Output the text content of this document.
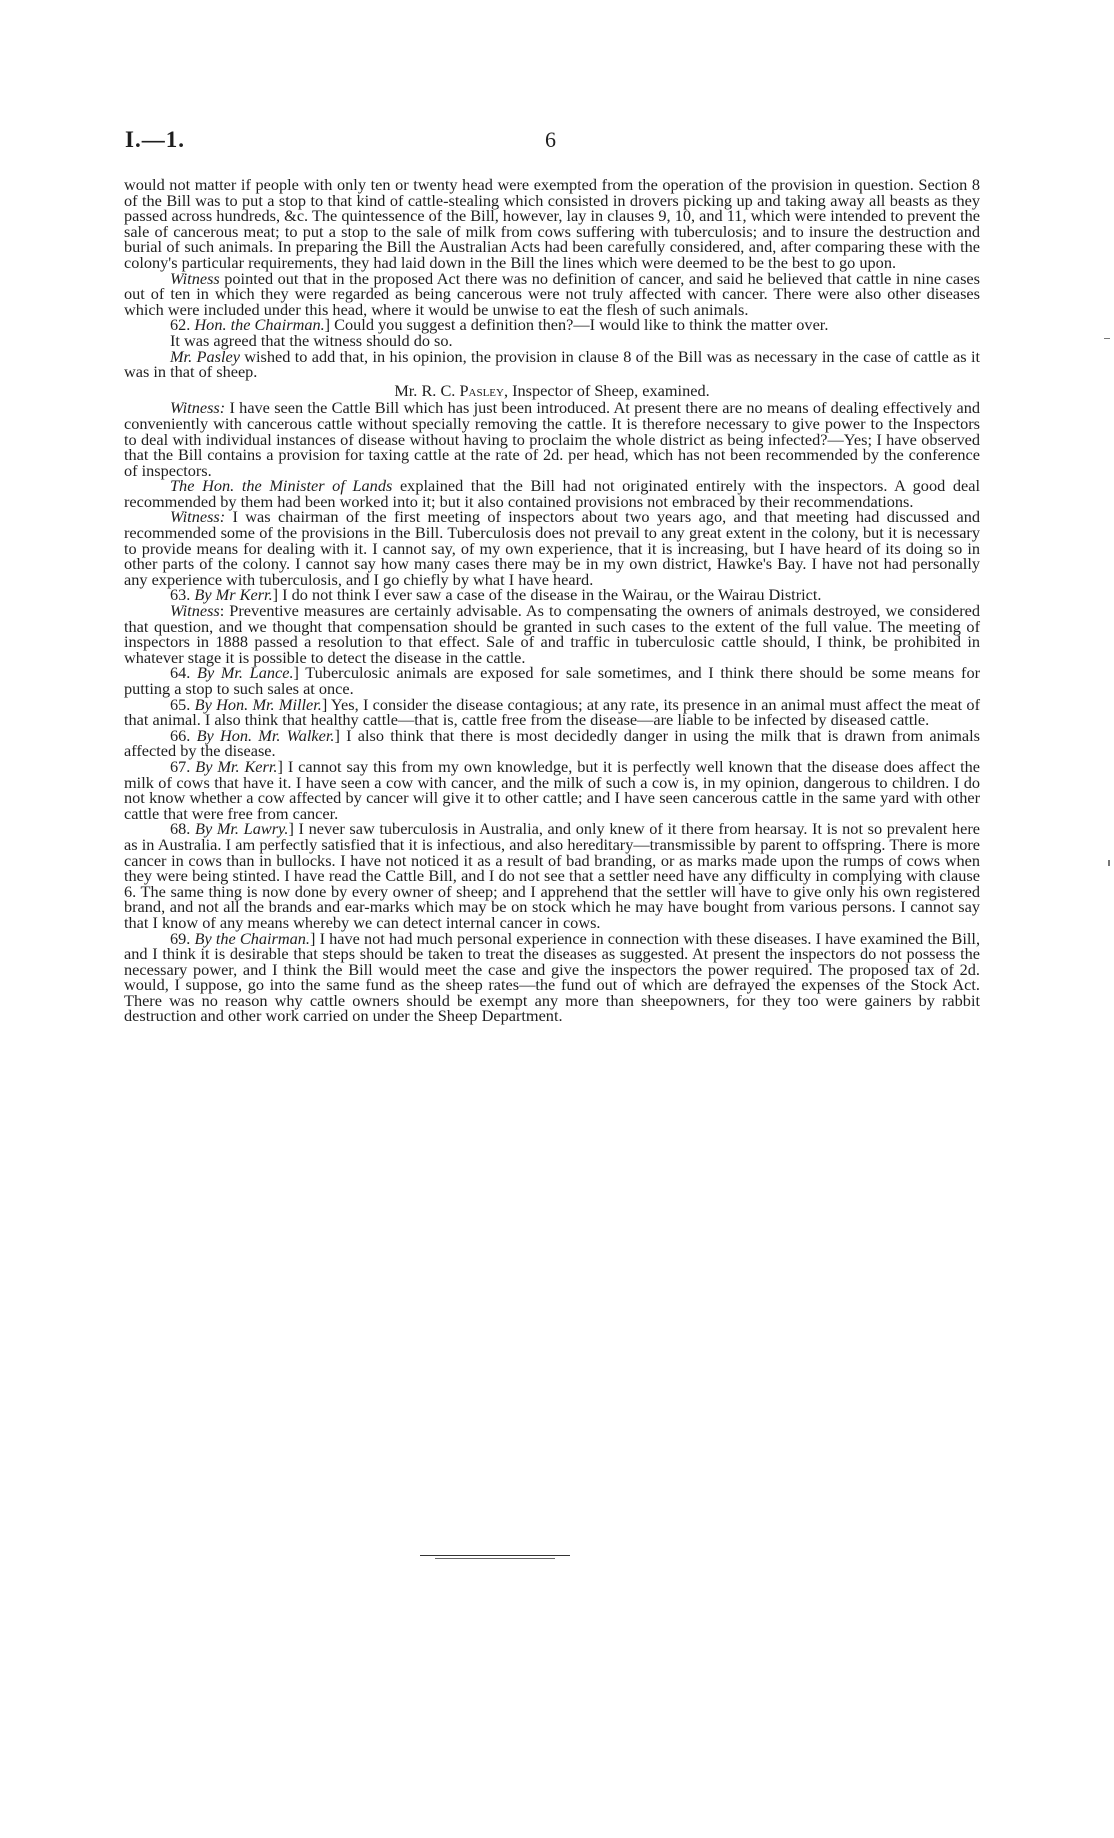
I.—1.	6

would not matter if people with only ten or twenty head were exempted from the operation of the provision in question. Section 8 of the Bill was to put a stop to that kind of cattle-stealing which consisted in drovers picking up and taking away all beasts as they passed across hundreds, &c. The quintessence of the Bill, however, lay in clauses 9, 10, and 11, which were intended to prevent the sale of cancerous meat; to put a stop to the sale of milk from cows suffering with tuberculosis; and to insure the destruction and burial of such animals. In preparing the Bill the Australian Acts had been carefully considered, and, after comparing these with the colony's particular requirements, they had laid down in the Bill the lines which were deemed to be the best to go upon.

Witness pointed out that in the proposed Act there was no definition of cancer, and said he believed that cattle in nine cases out of ten in which they were regarded as being cancerous were not truly affected with cancer. There were also other diseases which were included under this head, where it would be unwise to eat the flesh of such animals.

62. Hon. the Chairman.] Could you suggest a definition then?—I would like to think the matter over.

It was agreed that the witness should do so.

Mr. Pasley wished to add that, in his opinion, the provision in clause 8 of the Bill was as necessary in the case of cattle as it was in that of sheep.

Mr. R. C. Pasley, Inspector of Sheep, examined.

Witness: I have seen the Cattle Bill which has just been introduced. At present there are no means of dealing effectively and conveniently with cancerous cattle without specially removing the cattle. It is therefore necessary to give power to the Inspectors to deal with individual instances of disease without having to proclaim the whole district as being infected?—Yes; I have observed that the Bill contains a provision for taxing cattle at the rate of 2d. per head, which has not been recommended by the conference of inspectors.

The Hon. the Minister of Lands explained that the Bill had not originated entirely with the inspectors. A good deal recommended by them had been worked into it; but it also contained provisions not embraced by their recommendations.

Witness: I was chairman of the first meeting of inspectors about two years ago, and that meeting had discussed and recommended some of the provisions in the Bill. Tuberculosis does not prevail to any great extent in the colony, but it is necessary to provide means for dealing with it. I cannot say, of my own experience, that it is increasing, but I have heard of its doing so in other parts of the colony. I cannot say how many cases there may be in my own district, Hawke's Bay. I have not had personally any experience with tuberculosis, and I go chiefly by what I have heard.

63. By Mr Kerr.] I do not think I ever saw a case of the disease in the Wairau, or the Wairau District.

Witness: Preventive measures are certainly advisable. As to compensating the owners of animals destroyed, we considered that question, and we thought that compensation should be granted in such cases to the extent of the full value. The meeting of inspectors in 1888 passed a resolution to that effect. Sale of and traffic in tuberculosic cattle should, I think, be prohibited in whatever stage it is possible to detect the disease in the cattle.

64. By Mr. Lance.] Tuberculosic animals are exposed for sale sometimes, and I think there should be some means for putting a stop to such sales at once.

65. By Hon. Mr. Miller.] Yes, I consider the disease contagious; at any rate, its presence in an animal must affect the meat of that animal. I also think that healthy cattle—that is, cattle free from the disease—are liable to be infected by diseased cattle.

66. By Hon. Mr. Walker.] I also think that there is most decidedly danger in using the milk that is drawn from animals affected by the disease.

67. By Mr. Kerr.] I cannot say this from my own knowledge, but it is perfectly well known that the disease does affect the milk of cows that have it. I have seen a cow with cancer, and the milk of such a cow is, in my opinion, dangerous to children. I do not know whether a cow affected by cancer will give it to other cattle; and I have seen cancerous cattle in the same yard with other cattle that were free from cancer.

68. By Mr. Lawry.] I never saw tuberculosis in Australia, and only knew of it there from hearsay. It is not so prevalent here as in Australia. I am perfectly satisfied that it is infectious, and also hereditary—transmissible by parent to offspring. There is more cancer in cows than in bullocks. I have not noticed it as a result of bad branding, or as marks made upon the rumps of cows when they were being stinted. I have read the Cattle Bill, and I do not see that a settler need have any difficulty in complying with clause 6. The same thing is now done by every owner of sheep; and I apprehend that the settler will have to give only his own registered brand, and not all the brands and ear-marks which may be on stock which he may have bought from various persons. I cannot say that I know of any means whereby we can detect internal cancer in cows.

69. By the Chairman.] I have not had much personal experience in connection with these diseases. I have examined the Bill, and I think it is desirable that steps should be taken to treat the diseases as suggested. At present the inspectors do not possess the necessary power, and I think the Bill would meet the case and give the inspectors the power required. The proposed tax of 2d. would, I suppose, go into the same fund as the sheep rates—the fund out of which are defrayed the expenses of the Stock Act. There was no reason why cattle owners should be exempt any more than sheepowners, for they too were gainers by rabbit destruction and other work carried on under the Sheep Department.
